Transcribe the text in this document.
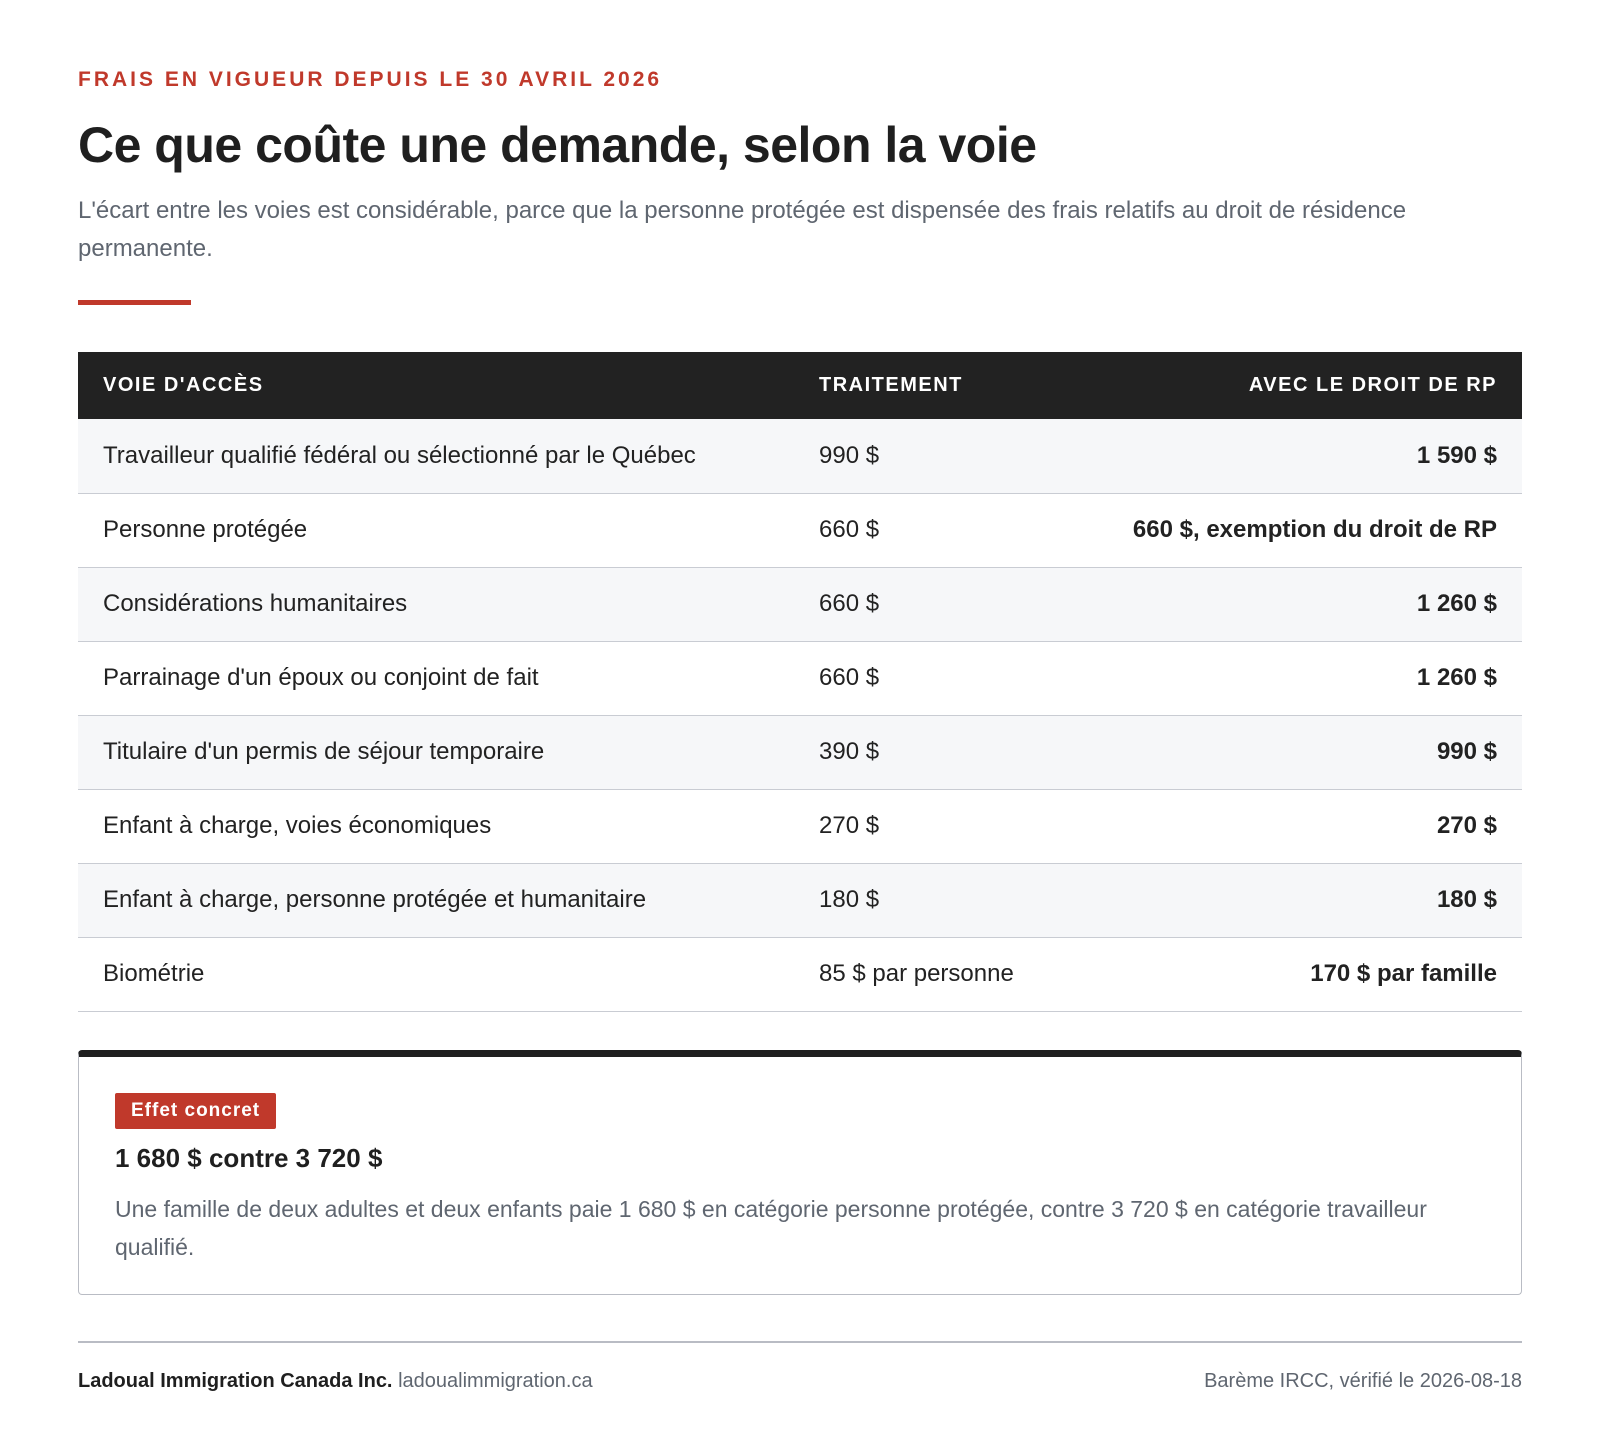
FRAIS EN VIGUEUR DEPUIS LE 30 AVRIL 2026
Ce que coûte une demande, selon la voie

L'écart entre les voies est considérable, parce que la personne protégée est dispensée des frais relatifs au droit de résidence permanente.

VOIE D'ACCÈS	TRAITEMENT	AVEC LE DROIT DE RP
Travailleur qualifié fédéral ou sélectionné par le Québec	990 $	1 590 $
Personne protégée	660 $	660 $, exemption du droit de RP
Considérations humanitaires	660 $	1 260 $
Parrainage d'un époux ou conjoint de fait	660 $	1 260 $
Titulaire d'un permis de séjour temporaire	390 $	990 $
Enfant à charge, voies économiques	270 $	270 $
Enfant à charge, personne protégée et humanitaire	180 $	180 $
Biométrie	85 $ par personne	170 $ par famille
Effet concret
1 680 $ contre 3 720 $

Une famille de deux adultes et deux enfants paie 1 680 $ en catégorie personne protégée, contre 3 720 $ en catégorie travailleur qualifié.

Ladoual Immigration Canada Inc. ladoualimmigration.ca	Barème IRCC, vérifié le 2026-08-18
